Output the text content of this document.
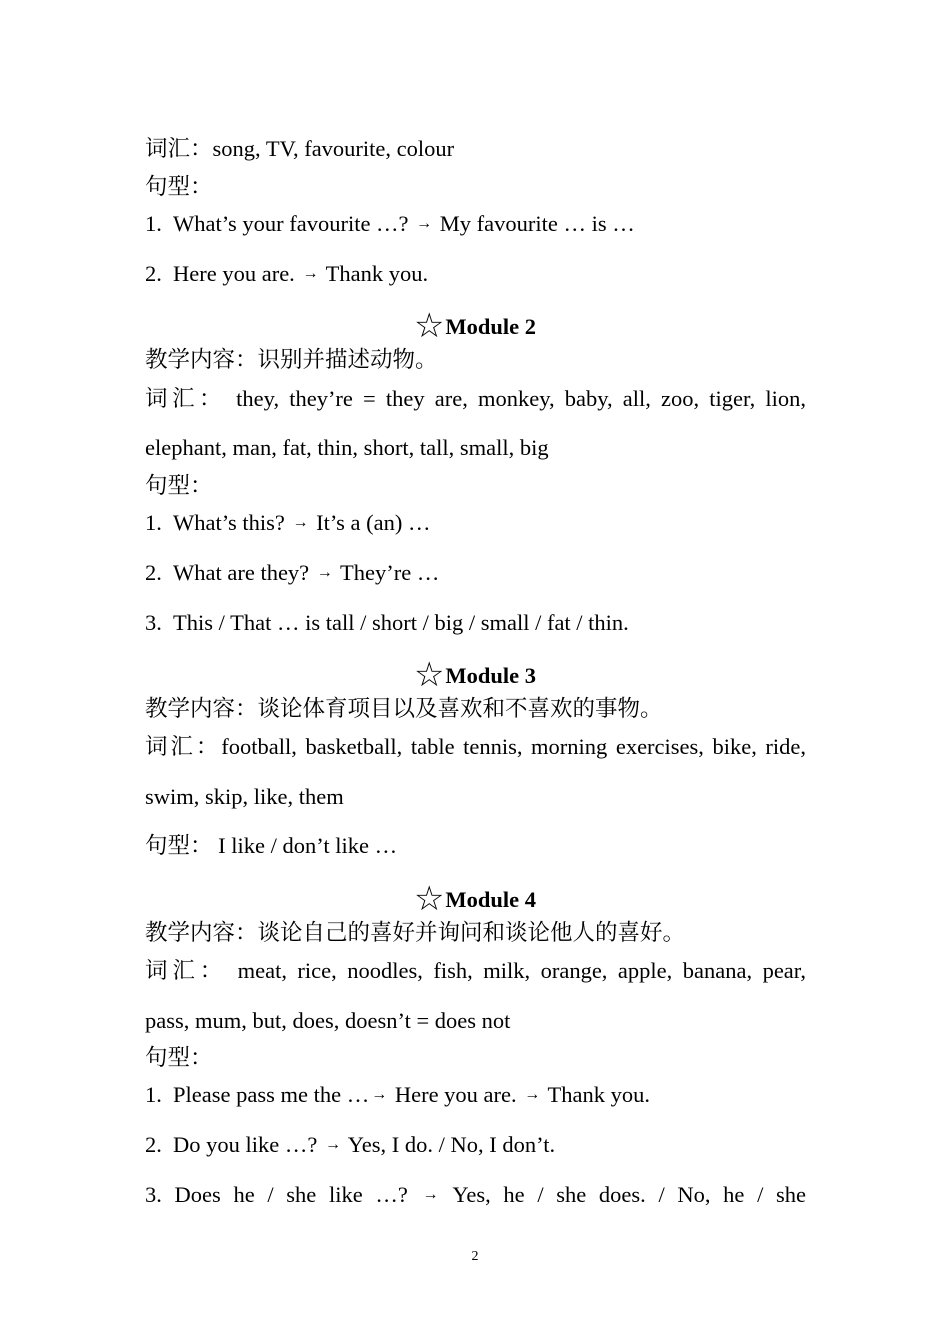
词汇：song, TV, favourite, colour
句型：
1. What’s your favourite …? → My favourite … is …
2. Here you are. → Thank you.
☆Module 2
教学内容：识别并描述动物。
词汇： they, they’re = they are, monkey, baby, all, zoo, tiger, lion,
elephant, man, fat, thin, short, tall, small, big
句型：
1. What’s this? → It’s a (an) …
2. What are they? → They’re …
3. This / That … is tall / short / big / small / fat / thin.
☆Module 3
教学内容：谈论体育项目以及喜欢和不喜欢的事物。
词汇：football, basketball, table tennis, morning exercises, bike, ride,
swim, skip, like, them
句型： I like / don’t like …
☆Module 4
教学内容：谈论自己的喜好并询问和谈论他人的喜好。
词汇： meat, rice, noodles, fish, milk, orange, apple, banana, pear,
pass, mum, but, does, doesn’t = does not
句型：
1. Please pass me the … → Here you are. → Thank you.
2. Do you like …? → Yes, I do. / No, I don’t.
3. Does he / she like …? → Yes, he / she does. / No, he / she
2
